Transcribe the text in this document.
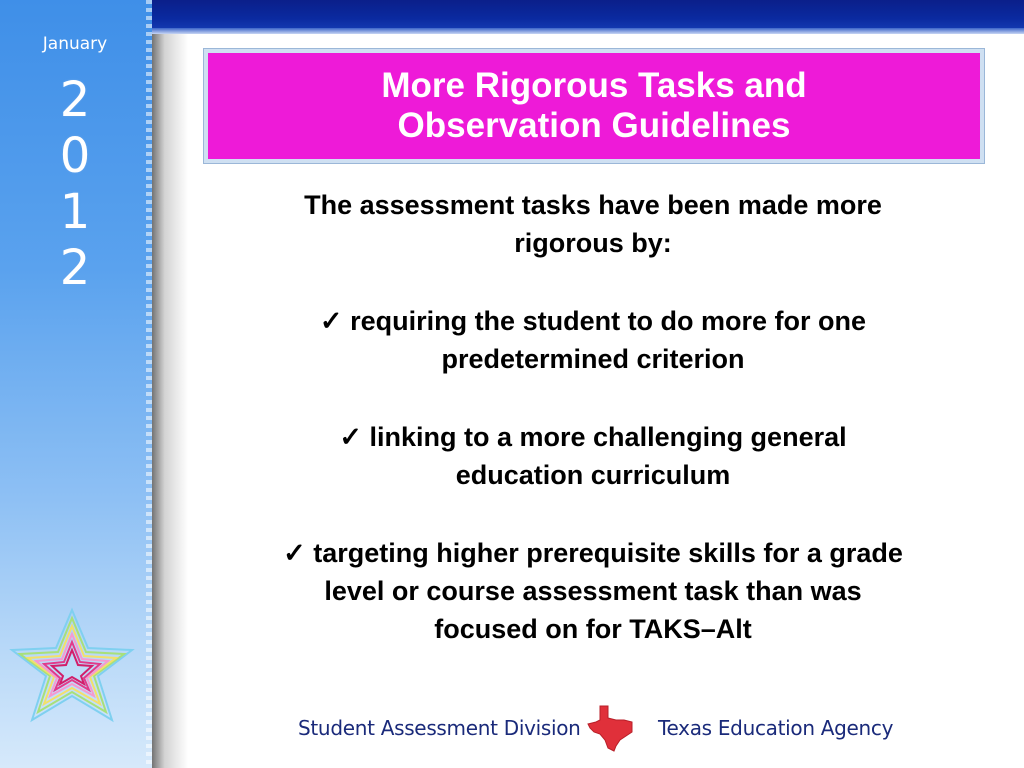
January
2
0
1
2
More Rigorous Tasks and
Observation Guidelines

The assessment tasks have been made more
rigorous by:

✓ requiring the student to do more for one
predetermined criterion

✓ linking to a more challenging general
education curriculum

✓ targeting higher prerequisite skills for a grade
level or course assessment task than was
focused on for TAKS–Alt

Student Assessment Division	Texas Education Agency
